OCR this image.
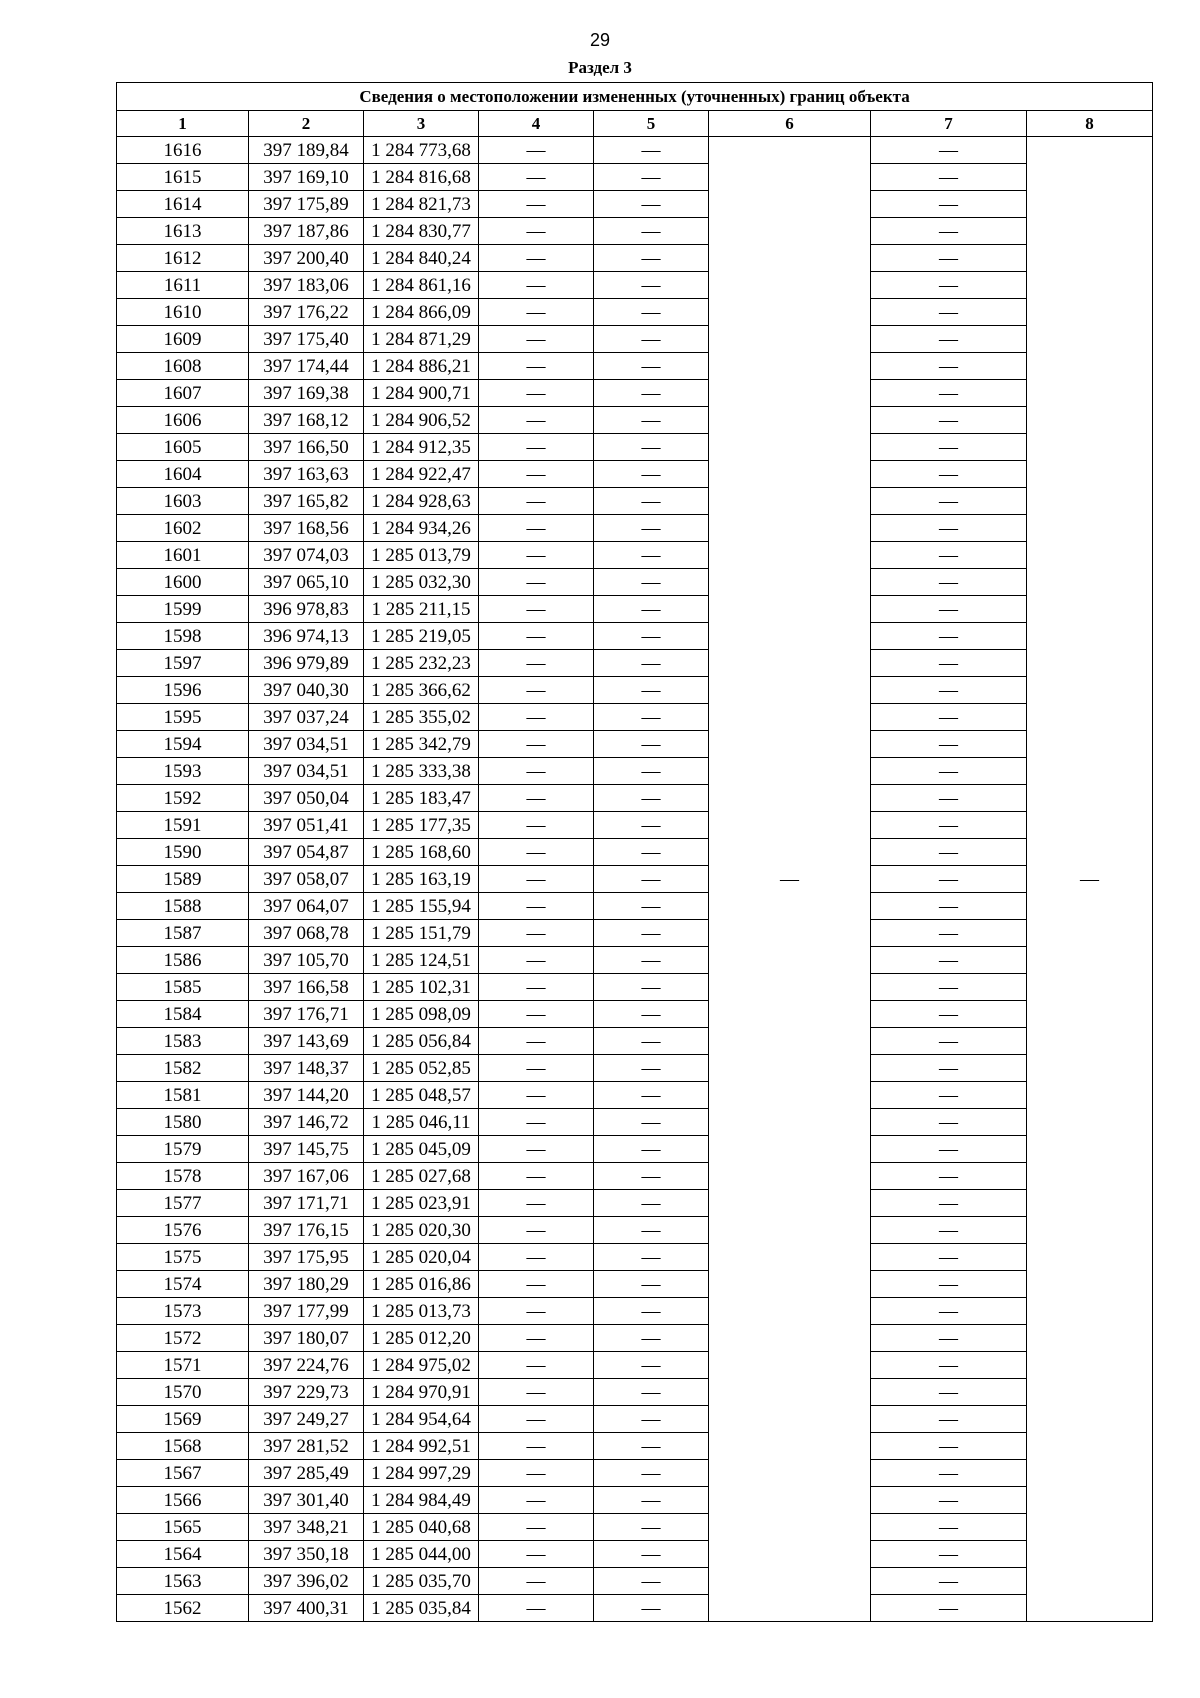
29
Раздел 3
Сведения о местоположении измененных (уточненных) границ объекта							
1	2	3	4	5	6	7	8
1616	397 189,84	1 284 773,68	—	—	—	—	—
1615	397 169,10	1 284 816,68	—	—		—	
1614	397 175,89	1 284 821,73	—	—		—	
1613	397 187,86	1 284 830,77	—	—		—	
1612	397 200,40	1 284 840,24	—	—		—	
1611	397 183,06	1 284 861,16	—	—		—	
1610	397 176,22	1 284 866,09	—	—		—	
1609	397 175,40	1 284 871,29	—	—		—	
1608	397 174,44	1 284 886,21	—	—		—	
1607	397 169,38	1 284 900,71	—	—		—	
1606	397 168,12	1 284 906,52	—	—		—	
1605	397 166,50	1 284 912,35	—	—		—	
1604	397 163,63	1 284 922,47	—	—		—	
1603	397 165,82	1 284 928,63	—	—		—	
1602	397 168,56	1 284 934,26	—	—		—	
1601	397 074,03	1 285 013,79	—	—		—	
1600	397 065,10	1 285 032,30	—	—		—	
1599	396 978,83	1 285 211,15	—	—		—	
1598	396 974,13	1 285 219,05	—	—		—	
1597	396 979,89	1 285 232,23	—	—		—	
1596	397 040,30	1 285 366,62	—	—		—	
1595	397 037,24	1 285 355,02	—	—		—	
1594	397 034,51	1 285 342,79	—	—		—	
1593	397 034,51	1 285 333,38	—	—		—	
1592	397 050,04	1 285 183,47	—	—		—	
1591	397 051,41	1 285 177,35	—	—		—	
1590	397 054,87	1 285 168,60	—	—		—	
1589	397 058,07	1 285 163,19	—	—		—	
1588	397 064,07	1 285 155,94	—	—		—	
1587	397 068,78	1 285 151,79	—	—		—	
1586	397 105,70	1 285 124,51	—	—		—	
1585	397 166,58	1 285 102,31	—	—		—	
1584	397 176,71	1 285 098,09	—	—		—	
1583	397 143,69	1 285 056,84	—	—		—	
1582	397 148,37	1 285 052,85	—	—		—	
1581	397 144,20	1 285 048,57	—	—		—	
1580	397 146,72	1 285 046,11	—	—		—	
1579	397 145,75	1 285 045,09	—	—		—	
1578	397 167,06	1 285 027,68	—	—		—	
1577	397 171,71	1 285 023,91	—	—		—	
1576	397 176,15	1 285 020,30	—	—		—	
1575	397 175,95	1 285 020,04	—	—		—	
1574	397 180,29	1 285 016,86	—	—		—	
1573	397 177,99	1 285 013,73	—	—		—	
1572	397 180,07	1 285 012,20	—	—		—	
1571	397 224,76	1 284 975,02	—	—		—	
1570	397 229,73	1 284 970,91	—	—		—	
1569	397 249,27	1 284 954,64	—	—		—	
1568	397 281,52	1 284 992,51	—	—		—	
1567	397 285,49	1 284 997,29	—	—		—	
1566	397 301,40	1 284 984,49	—	—		—	
1565	397 348,21	1 285 040,68	—	—		—	
1564	397 350,18	1 285 044,00	—	—		—	
1563	397 396,02	1 285 035,70	—	—		—	
1562	397 400,31	1 285 035,84	—	—		—	
